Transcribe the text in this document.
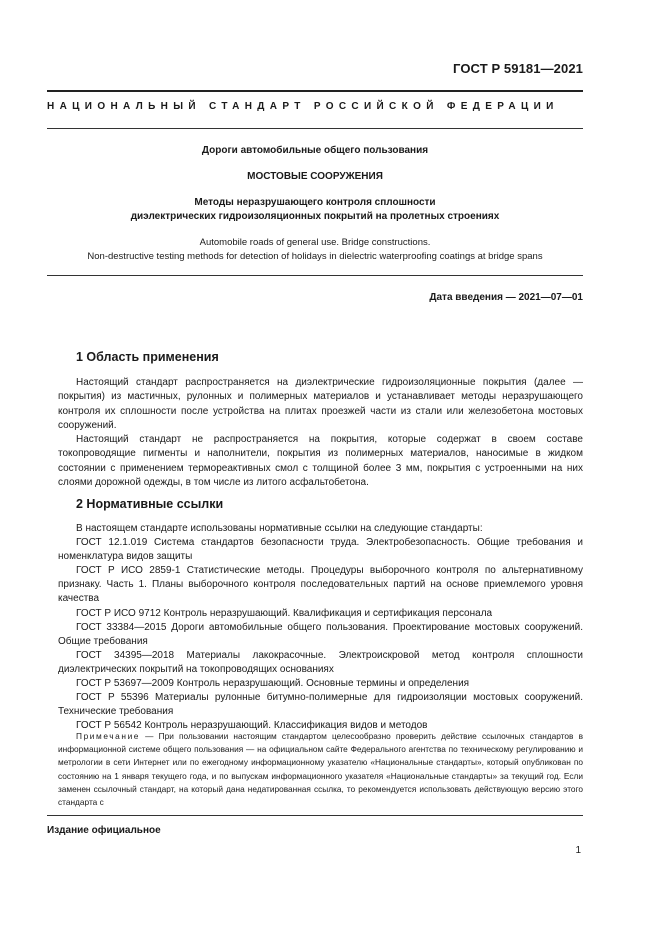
ГОСТ Р 59181—2021
НАЦИОНАЛЬНЫЙ СТАНДАРТ РОССИЙСКОЙ ФЕДЕРАЦИИ
Дороги автомобильные общего пользования
МОСТОВЫЕ СООРУЖЕНИЯ
Методы неразрушающего контроля сплошности
диэлектрических гидроизоляционных покрытий на пролетных строениях
Automobile roads of general use. Bridge constructions.
Non-destructive testing methods for detection of holidays in dielectric waterproofing coatings at bridge spans
Дата введения — 2021—07—01
1 Область применения
Настоящий стандарт распространяется на диэлектрические гидроизоляционные покрытия (далее — покрытия) из мастичных, рулонных и полимерных материалов и устанавливает методы неразрушающего контроля их сплошности после устройства на плитах проезжей части из стали или железобетона мостовых сооружений.
Настоящий стандарт не распространяется на покрытия, которые содержат в своем составе токопроводящие пигменты и наполнители, покрытия из полимерных материалов, наносимые в жидком состоянии с применением термореактивных смол с толщиной более 3 мм, покрытия с устроенными на них слоями дорожной одежды, в том числе из литого асфальтобетона.
2 Нормативные ссылки
В настоящем стандарте использованы нормативные ссылки на следующие стандарты:
ГОСТ 12.1.019 Система стандартов безопасности труда. Электробезопасность. Общие требования и номенклатура видов защиты
ГОСТ Р ИСО 2859-1 Статистические методы. Процедуры выборочного контроля по альтернативному признаку. Часть 1. Планы выборочного контроля последовательных партий на основе приемлемого уровня качества
ГОСТ Р ИСО 9712 Контроль неразрушающий. Квалификация и сертификация персонала
ГОСТ 33384—2015 Дороги автомобильные общего пользования. Проектирование мостовых сооружений. Общие требования
ГОСТ 34395—2018 Материалы лакокрасочные. Электроискровой метод контроля сплошности диэлектрических покрытий на токопроводящих основаниях
ГОСТ Р 53697—2009 Контроль неразрушающий. Основные термины и определения
ГОСТ Р 55396 Материалы рулонные битумно-полимерные для гидроизоляции мостовых сооружений. Технические требования
ГОСТ Р 56542 Контроль неразрушающий. Классификация видов и методов
Примечание — При пользовании настоящим стандартом целесообразно проверить действие ссылочных стандартов в информационной системе общего пользования — на официальном сайте Федерального агентства по техническому регулированию и метрологии в сети Интернет или по ежегодному информационному указателю «Национальные стандарты», который опубликован по состоянию на 1 января текущего года, и по выпускам информационного указателя «Национальные стандарты» за текущий год. Если заменен ссылочный стандарт, на который дана недатированная ссылка, то рекомендуется использовать действующую версию этого стандарта с
Издание официальное
1
